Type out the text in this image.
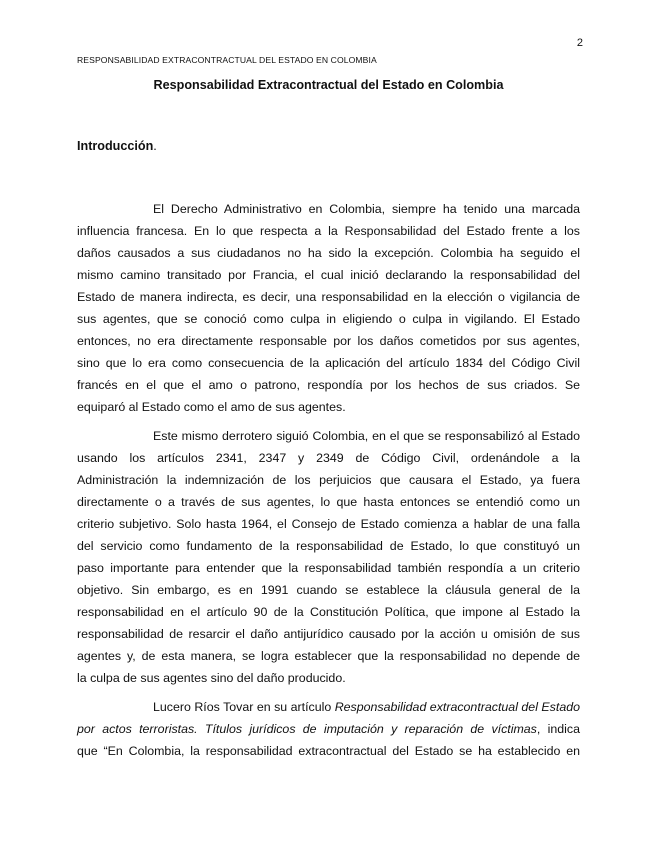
2
RESPONSABILIDAD EXTRACONTRACTUAL DEL ESTADO EN COLOMBIA
Responsabilidad Extracontractual del Estado en Colombia
Introducción.
El Derecho Administrativo en Colombia, siempre ha tenido una marcada
influencia francesa. En lo que respecta a la Responsabilidad del Estado frente a los
daños causados a sus ciudadanos no ha sido la excepción. Colombia ha seguido el
mismo camino transitado por Francia, el cual inició declarando la responsabilidad del
Estado de manera indirecta, es decir, una responsabilidad en la elección o vigilancia de
sus agentes, que se conoció como culpa in eligiendo o culpa in vigilando. El Estado
entonces, no era directamente responsable por los daños cometidos por sus agentes,
sino que lo era como consecuencia de la aplicación del artículo 1834 del Código Civil
francés en el que el amo o patrono, respondía por los hechos de sus criados. Se
equiparó al Estado como el amo de sus agentes.
Este mismo derrotero siguió Colombia, en el que se responsabilizó al Estado
usando los artículos 2341, 2347 y 2349 de Código Civil, ordenándole a la
Administración la indemnización de los perjuicios que causara el Estado, ya fuera
directamente o a través de sus agentes, lo que hasta entonces se entendió como un
criterio subjetivo. Solo hasta 1964, el Consejo de Estado comienza a hablar de una falla
del servicio como fundamento de la responsabilidad de Estado, lo que constituyó un
paso importante para entender que la responsabilidad también respondía a un criterio
objetivo. Sin embargo, es en 1991 cuando se establece la cláusula general de la
responsabilidad en el artículo 90 de la Constitución Política, que impone al Estado la
responsabilidad de resarcir el daño antijurídico causado por la acción u omisión de sus
agentes y, de esta manera, se logra establecer que la responsabilidad no depende de
la culpa de sus agentes sino del daño producido.
Lucero Ríos Tovar en su artículo Responsabilidad extracontractual del Estado
por actos terroristas. Títulos jurídicos de imputación y reparación de víctimas, indica
que “En Colombia, la responsabilidad extracontractual del Estado se ha establecido en
